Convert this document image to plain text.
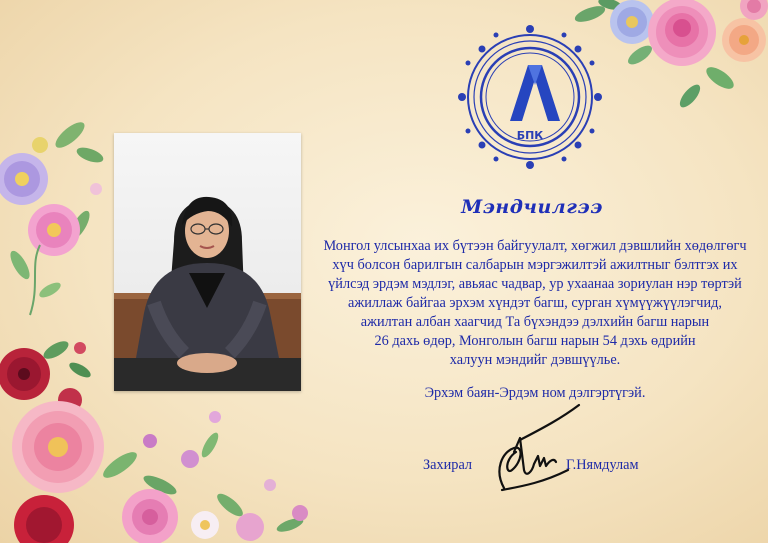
БПК
Мэндчилгээ
Монгол улсынхаа их бүтээн байгуулалт, хөгжил дэвшлийн хөдөлгөгч
хүч болсон барилгын салбарын мэргэжилтэй ажилтныг бэлтгэх их
үйлсэд эрдэм мэдлэг, авьяас чадвар, ур ухаанаа зориулан нэр төртэй
ажиллаж байгаа эрхэм хүндэт багш, сурган хүмүүжүүлэгчид,
ажилтан албан хаагчид Та бүхэндээ дэлхийн багш нарын
26 дахь өдөр, Монголын багш нарын 54 дэхь өдрийн
халуун мэндийг дэвшүүлье.
Эрхэм баян-Эрдэм ном дэлгэртүгэй.
Захирал	Г.Нямдулам
